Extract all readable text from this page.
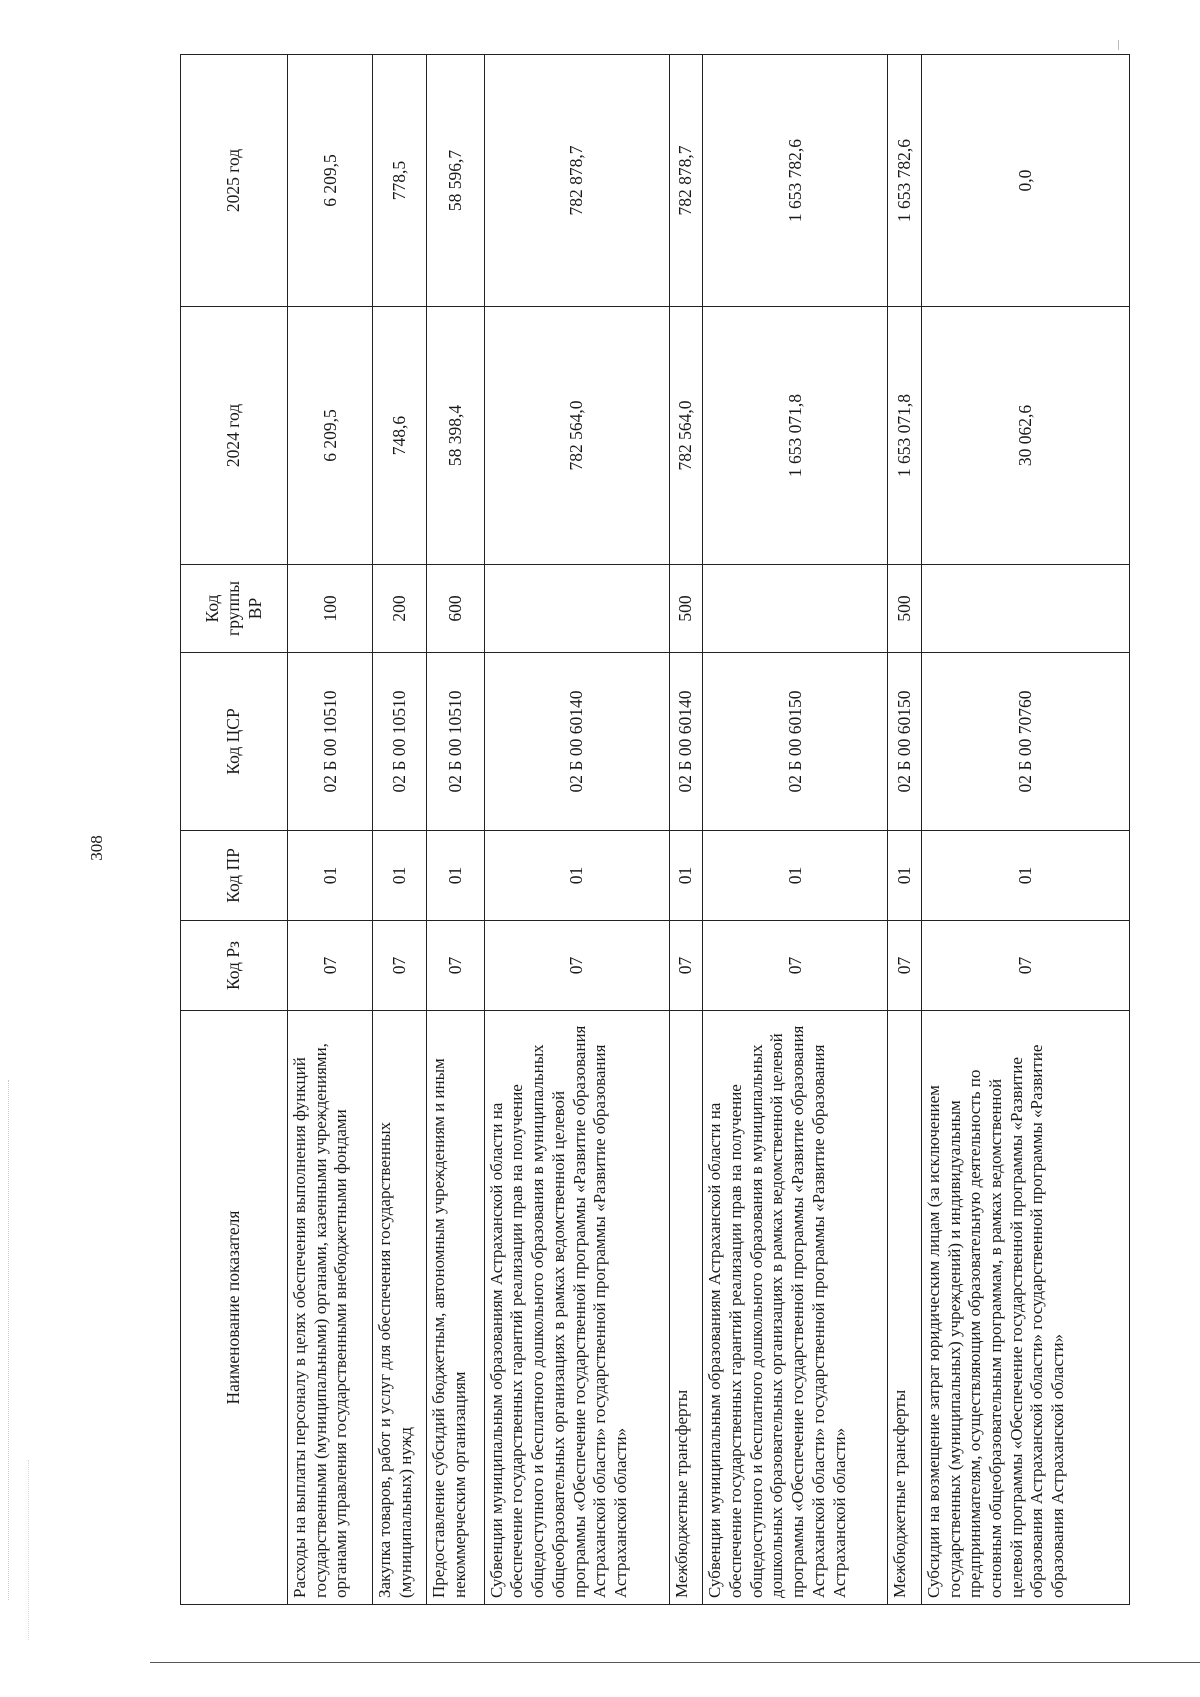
308
Наименование показателя	Код Рз	Код ПР	Код ЦСР	Код группы ВР	2024 год	2025 год
Расходы на выплаты персоналу в целях обеспечения выполнения функций государственными (муниципальными) органами, казенными учреждениями, органами управления государственными внебюджетными фондами	07	01	02 Б 00 10510	100	6 209,5	6 209,5
Закупка товаров, работ и услуг для обеспечения государственных (муниципальных) нужд	07	01	02 Б 00 10510	200	748,6	778,5
Предоставление субсидий бюджетным, автономным учреждениям и иным некоммерческим организациям	07	01	02 Б 00 10510	600	58 398,4	58 596,7
Субвенции муниципальным образованиям Астраханской области на обеспечение государственных гарантий реализации прав на получение общедоступного и бесплатного дошкольного образования в муниципальных общеобразовательных организациях в рамках ведомственной целевой программы «Обеспечение государственной программы «Развитие образования Астраханской области» государственной программы «Развитие образования Астраханской области»	07	01	02 Б 00 60140		782 564,0	782 878,7
Межбюджетные трансферты	07	01	02 Б 00 60140	500	782 564,0	782 878,7
Субвенции муниципальным образованиям Астраханской области на обеспечение государственных гарантий реализации прав на получение общедоступного и бесплатного дошкольного образования в муниципальных дошкольных образовательных организациях в рамках ведомственной целевой программы «Обеспечение государственной программы «Развитие образования Астраханской области» государственной программы «Развитие образования Астраханской области»	07	01	02 Б 00 60150		1 653 071,8	1 653 782,6
Межбюджетные трансферты	07	01	02 Б 00 60150	500	1 653 071,8	1 653 782,6
Субсидии на возмещение затрат юридическим лицам (за исключением государственных (муниципальных) учреждений) и индивидуальным предпринимателям, осуществляющим образовательную деятельность по основным общеобразовательным программам, в рамках ведомственной целевой программы «Обеспечение государственной программы «Развитие образования Астраханской области» государственной программы «Развитие образования Астраханской области»	07	01	02 Б 00 70760		30 062,6	0,0
